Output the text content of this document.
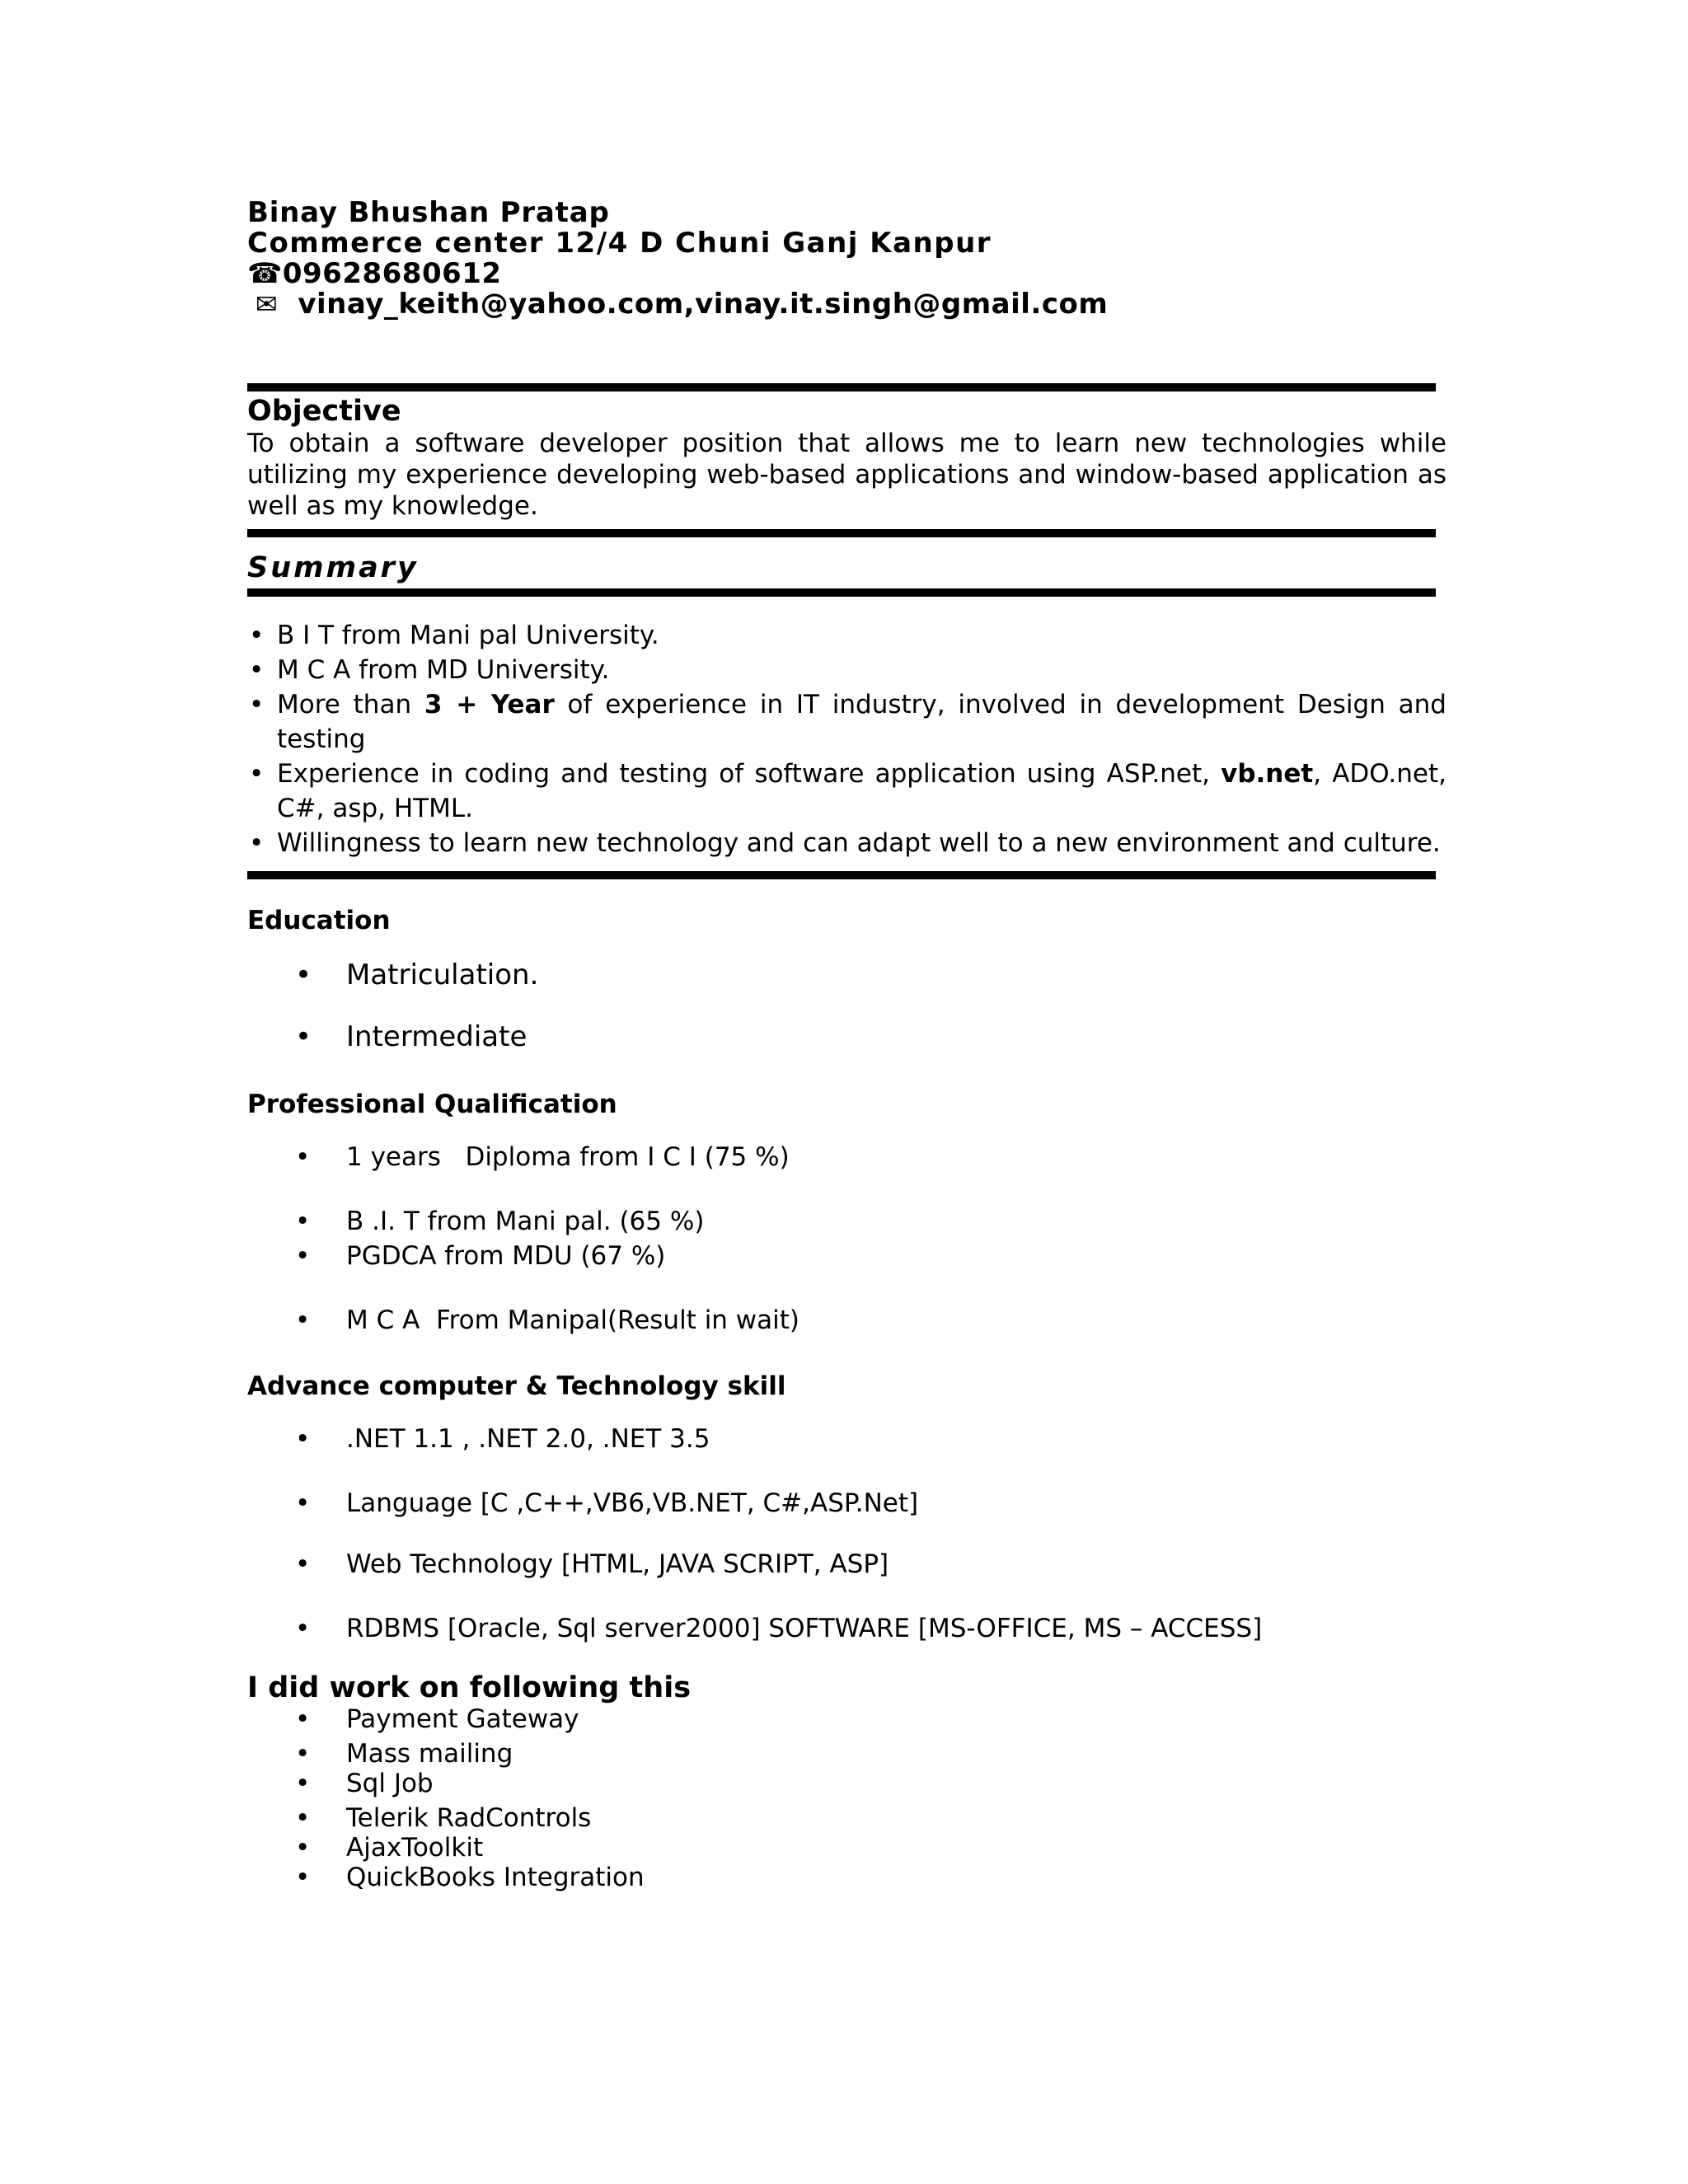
Binay Bhushan Pratap
Commerce center 12/4 D Chuni Ganj Kanpur
☎09628680612
✉ vinay_keith@yahoo.com,vinay.it.singh@gmail.com
Objective
To obtain a software developer position that allows me to learn new technologies while utilizing my experience developing web-based applications and window-based application as well as my knowledge.
Summary
• B I T from Mani pal University.
• M C A from MD University.
• More than 3 + Year of experience in IT industry, involved in development Design and testing
• Experience in coding and testing of software application using ASP.net, vb.net, ADO.net, C#, asp, HTML.
• Willingness to learn new technology and can adapt well to a new environment and culture.
Education
• Matriculation.
• Intermediate
Professional Qualification
• 1 years   Diploma from I C I (75 %)
• B .I. T from Mani pal. (65 %)
• PGDCA from MDU (67 %)
• M C A  From Manipal(Result in wait)
Advance computer & Technology skill
• .NET 1.1 , .NET 2.0, .NET 3.5
• Language [C ,C++,VB6,VB.NET, C#,ASP.Net]
• Web Technology [HTML, JAVA SCRIPT, ASP]
• RDBMS [Oracle, Sql server2000] SOFTWARE [MS-OFFICE, MS – ACCESS]
I did work on following this
• Payment Gateway
• Mass mailing
• Sql Job
• Telerik RadControls
• AjaxToolkit
• QuickBooks Integration
